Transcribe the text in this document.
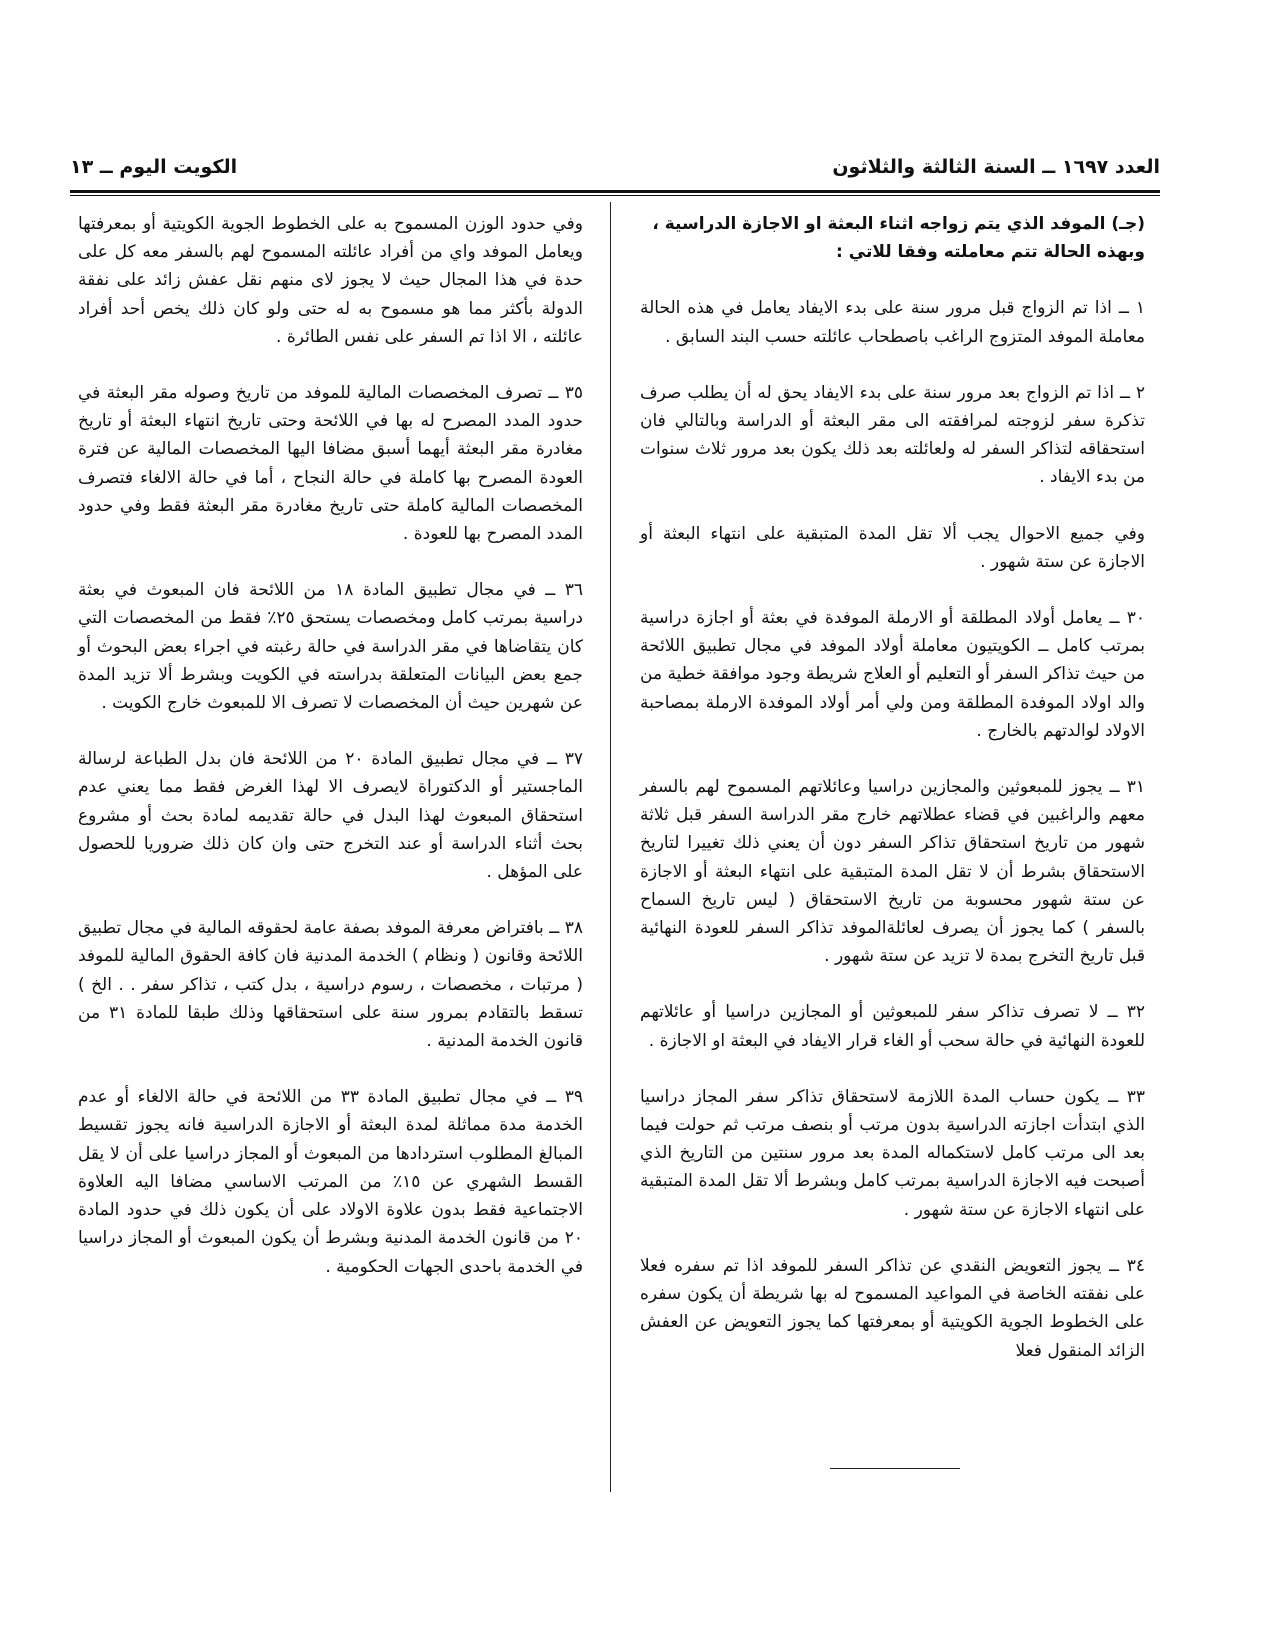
العدد ١٦٩٧ ــ السنة الثالثة والثلاثون
الكويت اليوم ــ ١٣
(جـ) الموفد الذي يتم زواجه اثناء البعثة او الاجازة الدراسية ،
وبهذه الحالة تتم معاملته وفقا للاتي :

١ ــ اذا تم الزواج قبل مرور سنة على بدء الايفاد يعامل في هذه الحالة معاملة الموفد المتزوج الراغب باصطحاب عائلته حسب البند السابق .

٢ ــ اذا تم الزواج بعد مرور سنة على بدء الايفاد يحق له أن يطلب صرف تذكرة سفر لزوجته لمرافقته الى مقر البعثة أو الدراسة وبالتالي فان استحقاقه لتذاكر السفر له ولعائلته بعد ذلك يكون بعد مرور ثلاث سنوات من بدء الايفاد .

وفي جميع الاحوال يجب ألا تقل المدة المتبقية على انتهاء البعثة أو الاجازة عن ستة شهور .

٣٠ ــ يعامل أولاد المطلقة أو الارملة الموفدة في بعثة أو اجازة دراسية بمرتب كامل ــ الكويتيون معاملة أولاد الموفد في مجال تطبيق اللائحة من حيث تذاكر السفر أو التعليم أو العلاج شريطة وجود موافقة خطية من والد اولاد الموفدة المطلقة ومن ولي أمر أولاد الموفدة الارملة بمصاحبة الاولاد لوالدتهم بالخارج .

٣١ ــ يجوز للمبعوثين والمجازين دراسيا وعائلاتهم المسموح لهم بالسفر معهم والراغبين في قضاء عطلاتهم خارج مقر الدراسة السفر قبل ثلاثة شهور من تاريخ استحقاق تذاكر السفر دون أن يعني ذلك تغييرا لتاريخ الاستحقاق بشرط أن لا تقل المدة المتبقية على انتهاء البعثة أو الاجازة عن ستة شهور محسوبة من تاريخ الاستحقاق ( ليس تاريخ السماح بالسفر ) كما يجوز أن يصرف لعائلةالموفد تذاكر السفر للعودة النهائية قبل تاريخ التخرج بمدة لا تزيد عن ستة شهور .

٣٢ ــ لا تصرف تذاكر سفر للمبعوثين أو المجازين دراسيا أو عائلاتهم للعودة النهائية في حالة سحب أو الغاء قرار الايفاد في البعثة او الاجازة .

٣٣ ــ يكون حساب المدة اللازمة لاستحقاق تذاكر سفر المجاز دراسيا الذي ابتدأت اجازته الدراسية بدون مرتب أو بنصف مرتب ثم حولت فيما بعد الى مرتب كامل لاستكماله المدة بعد مرور سنتين من التاريخ الذي أصبحت فيه الاجازة الدراسية بمرتب كامل وبشرط ألا تقل المدة المتبقية على انتهاء الاجازة عن ستة شهور .

٣٤ ــ يجوز التعويض النقدي عن تذاكر السفر للموفد اذا تم سفره فعلا على نفقته الخاصة في المواعيد المسموح له بها شريطة أن يكون سفره على الخطوط الجوية الكويتية أو بمعرفتها كما يجوز التعويض عن العفش الزائد المنقول فعلا

وفي حدود الوزن المسموح به على الخطوط الجوية الكويتية أو بمعرفتها ويعامل الموفد واي من أفراد عائلته المسموح لهم بالسفر معه كل على حدة في هذا المجال حيث لا يجوز لاى منهم نقل عفش زائد على نفقة الدولة بأكثر مما هو مسموح به له حتى ولو كان ذلك يخص أحد أفراد عائلته ، الا اذا تم السفر على نفس الطائرة .

٣٥ ــ تصرف المخصصات المالية للموفد من تاريخ وصوله مقر البعثة في حدود المدد المصرح له بها في اللائحة وحتى تاريخ انتهاء البعثة أو تاريخ مغادرة مقر البعثة أيهما أسبق مضافا اليها المخصصات المالية عن فترة العودة المصرح بها كاملة في حالة النجاح ، أما في حالة الالغاء فتصرف المخصصات المالية كاملة حتى تاريخ مغادرة مقر البعثة فقط وفي حدود المدد المصرح بها للعودة .

٣٦ ــ في مجال تطبيق المادة ١٨ من اللائحة فان المبعوث في بعثة دراسية بمرتب كامل ومخصصات يستحق ٢٥٪ فقط من المخصصات التي كان يتقاضاها في مقر الدراسة في حالة رغبته في اجراء بعض البحوث أو جمع بعض البيانات المتعلقة بدراسته في الكويت وبشرط ألا تزيد المدة عن شهرين حيث أن المخصصات لا تصرف الا للمبعوث خارج الكويت .

٣٧ ــ في مجال تطبيق المادة ٢٠ من اللائحة فان بدل الطباعة لرسالة الماجستير أو الدكتوراة لايصرف الا لهذا الغرض فقط مما يعني عدم استحقاق المبعوث لهذا البدل في حالة تقديمه لمادة بحث أو مشروع بحث أثناء الدراسة أو عند التخرج حتى وان كان ذلك ضروريا للحصول على المؤهل .

٣٨ ــ بافتراض معرفة الموفد بصفة عامة لحقوقه المالية في مجال تطبيق اللائحة وقانون ( ونظام ) الخدمة المدنية فان كافة الحقوق المالية للموفد ( مرتبات ، مخصصات ، رسوم دراسية ، بدل كتب ، تذاكر سفر . . الخ ) تسقط بالتقادم بمرور سنة على استحقاقها وذلك طبقا للمادة ٣١ من قانون الخدمة المدنية .

٣٩ ــ في مجال تطبيق المادة ٣٣ من اللائحة في حالة الالغاء أو عدم الخدمة مدة مماثلة لمدة البعثة أو الاجازة الدراسية فانه يجوز تقسيط المبالغ المطلوب استردادها من المبعوث أو المجاز دراسيا على أن لا يقل القسط الشهري عن ١٥٪ من المرتب الاساسي مضافا اليه العلاوة الاجتماعية فقط بدون علاوة الاولاد على أن يكون ذلك في حدود المادة ٢٠ من قانون الخدمة المدنية وبشرط أن يكون المبعوث أو المجاز دراسيا في الخدمة باحدى الجهات الحكومية .
